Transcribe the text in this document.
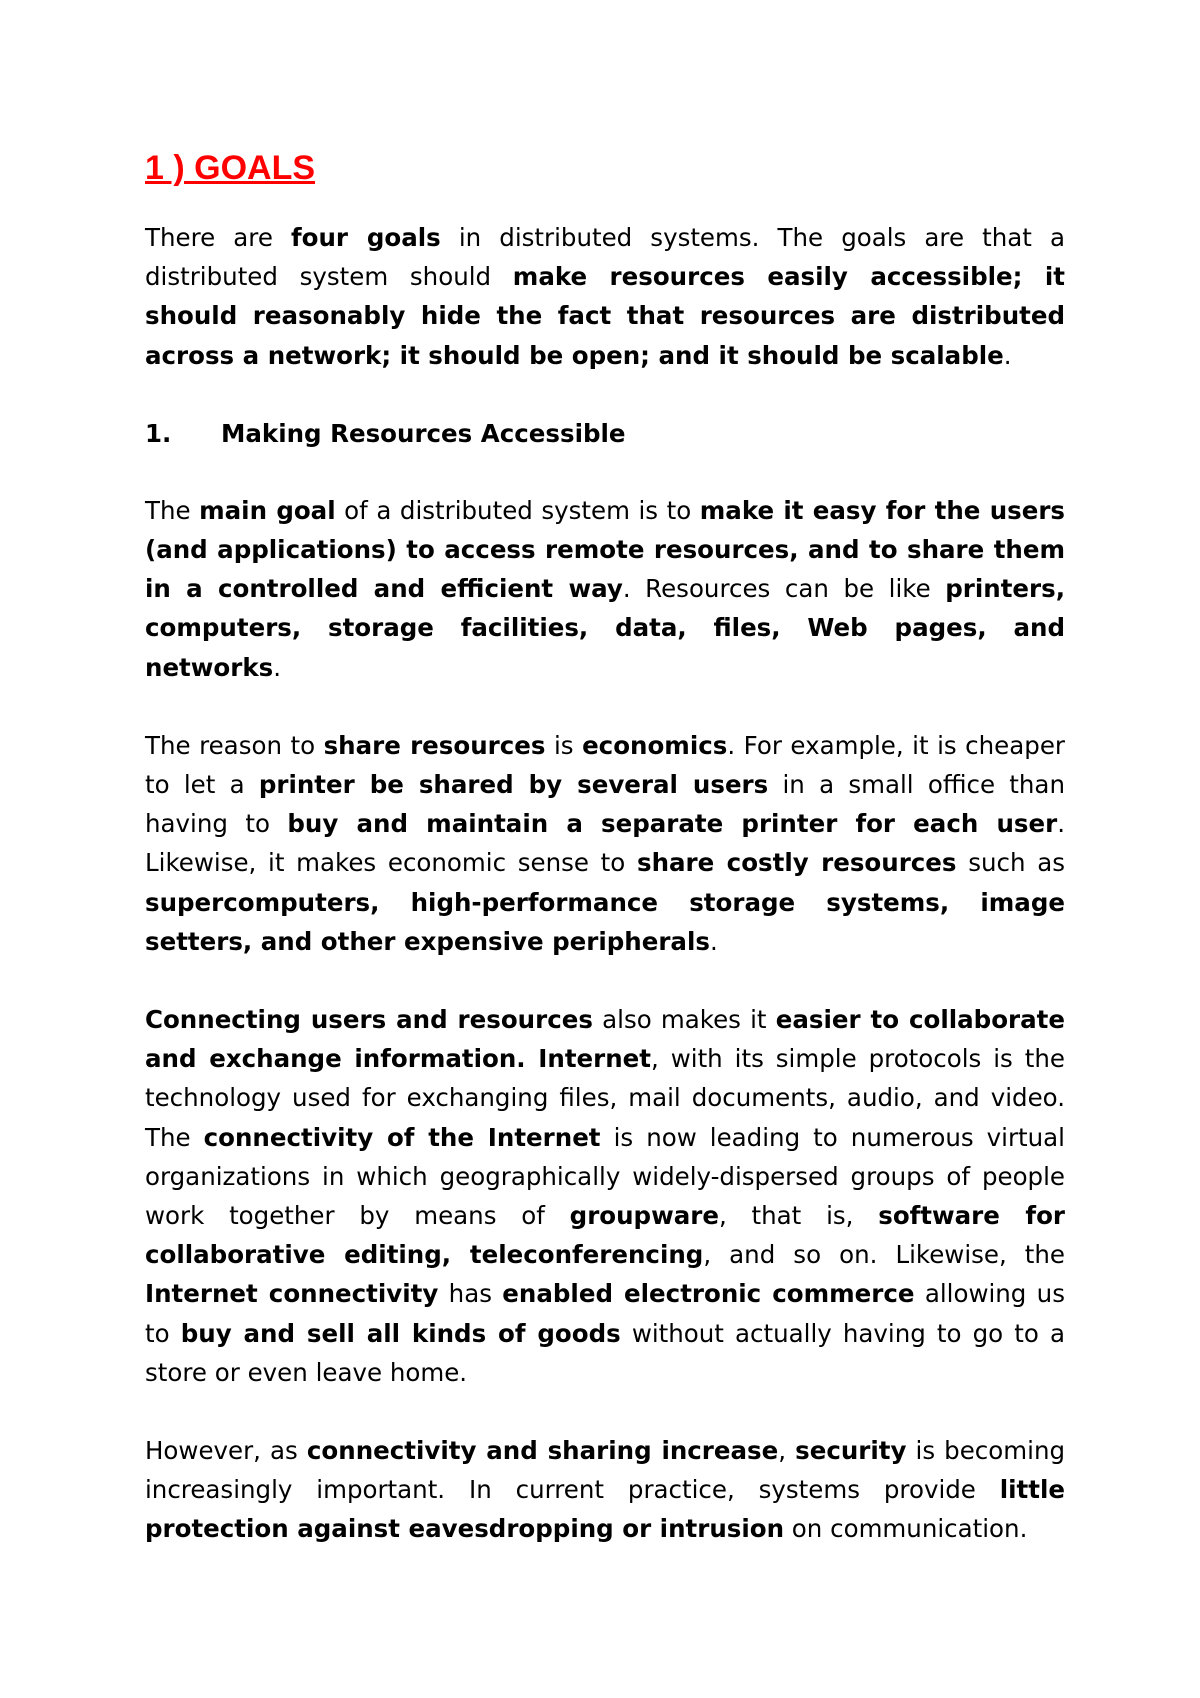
1 ) GOALS

There are four goals in distributed systems. The goals are that a distributed system should make resources easily accessible; it should reasonably hide the fact that resources are distributed across a network; it should be open; and it should be scalable.

1.	Making Resources Accessible

The main goal of a distributed system is to make it easy for the users (and applications) to access remote resources, and to share them in a controlled and efficient way. Resources can be like printers, computers, storage facilities, data, files, Web pages, and networks.

The reason to share resources is economics. For example, it is cheaper to let a printer be shared by several users in a small office than having to buy and maintain a separate printer for each user. Likewise, it makes economic sense to share costly resources such as supercomputers, high-performance storage systems, image setters, and other expensive peripherals.

Connecting users and resources also makes it easier to collaborate and exchange information. Internet, with its simple protocols is the technology used for exchanging files, mail documents, audio, and video. The connectivity of the Internet is now leading to numerous virtual organizations in which geographically widely-dispersed groups of people work together by means of groupware, that is, software for collaborative editing, teleconferencing, and so on. Likewise, the Internet connectivity has enabled electronic commerce allowing us to buy and sell all kinds of goods without actually having to go to a store or even leave home.

However, as connectivity and sharing increase, security is becoming increasingly important. In current practice, systems provide little protection against eavesdropping or intrusion on communication.
